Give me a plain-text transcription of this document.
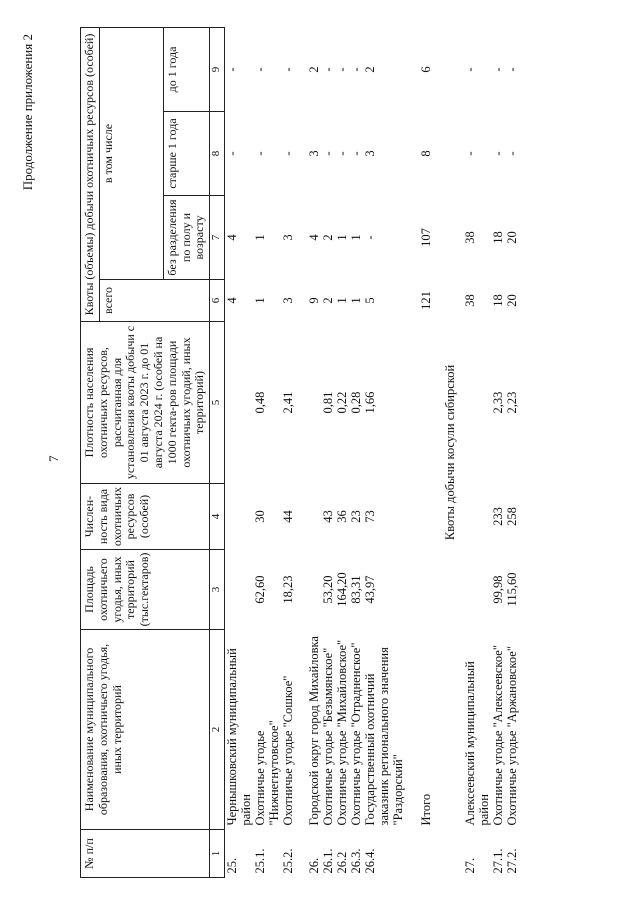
7
Продолжение приложения 2
№ п/п	Наименование муниципального образования, охотничьего угодья, иных территорий	Площадь охотничьего угодья, иных территорий (тыс.гектаров)	Числен-ность вида охотничьих ресурсов (особей)	Плотность населения охотничьих ресурсов, рассчитанная для установления квоты добычи с 01 августа 2023 г. до 01 августа 2024 г. (особей на 1000 гекта-ров площади охотничьих угодий, иных территорий)	Квоты (объемы) добычи охотничьих ресурсов (особей)			
					всего	в том числе		
						без разделения по полу и возрасту	старше 1 года	до 1 года
1	2	3	4	5	6	7	8	9
25.	Чернышковский муниципальный район				4	4	-	-
25.1.	Охотничье угодье "Нижнегнутовское"	62,60	30	0,48	1	1	-	-
25.2.	Охотничье угодье "Сошкое"	18,23	44	2,41	3	3	-	-

26.	Городской округ город Михайловка				9	4	3	2
26.1.	Охотничье угодье "Безымянское"	53,20	43	0,81	2	2	-	-
26.2	Охотничье угодье "Михайловское"	164,20	36	0,22	1	1	-	-
26.3.	Охотничье угодье "Отрадненское"	83,31	23	0,28	1	1	-	-
26.4.	Государственный охотничий заказник регионального значения "Раздорский"	43,97	73	1,66	5	-	3	2

	Итого				121	107	8	6
Квоты добычи косули сибирской								
27.	Алексеевский муниципальный район				38	38	-	-
27.1.	Охотничье угодье "Алексеевское"	99,98	233	2,33	18	18	-	-
27.2.	Охотничье угодье "Аржановское"	115,60	258	2,23	20	20	-	-
